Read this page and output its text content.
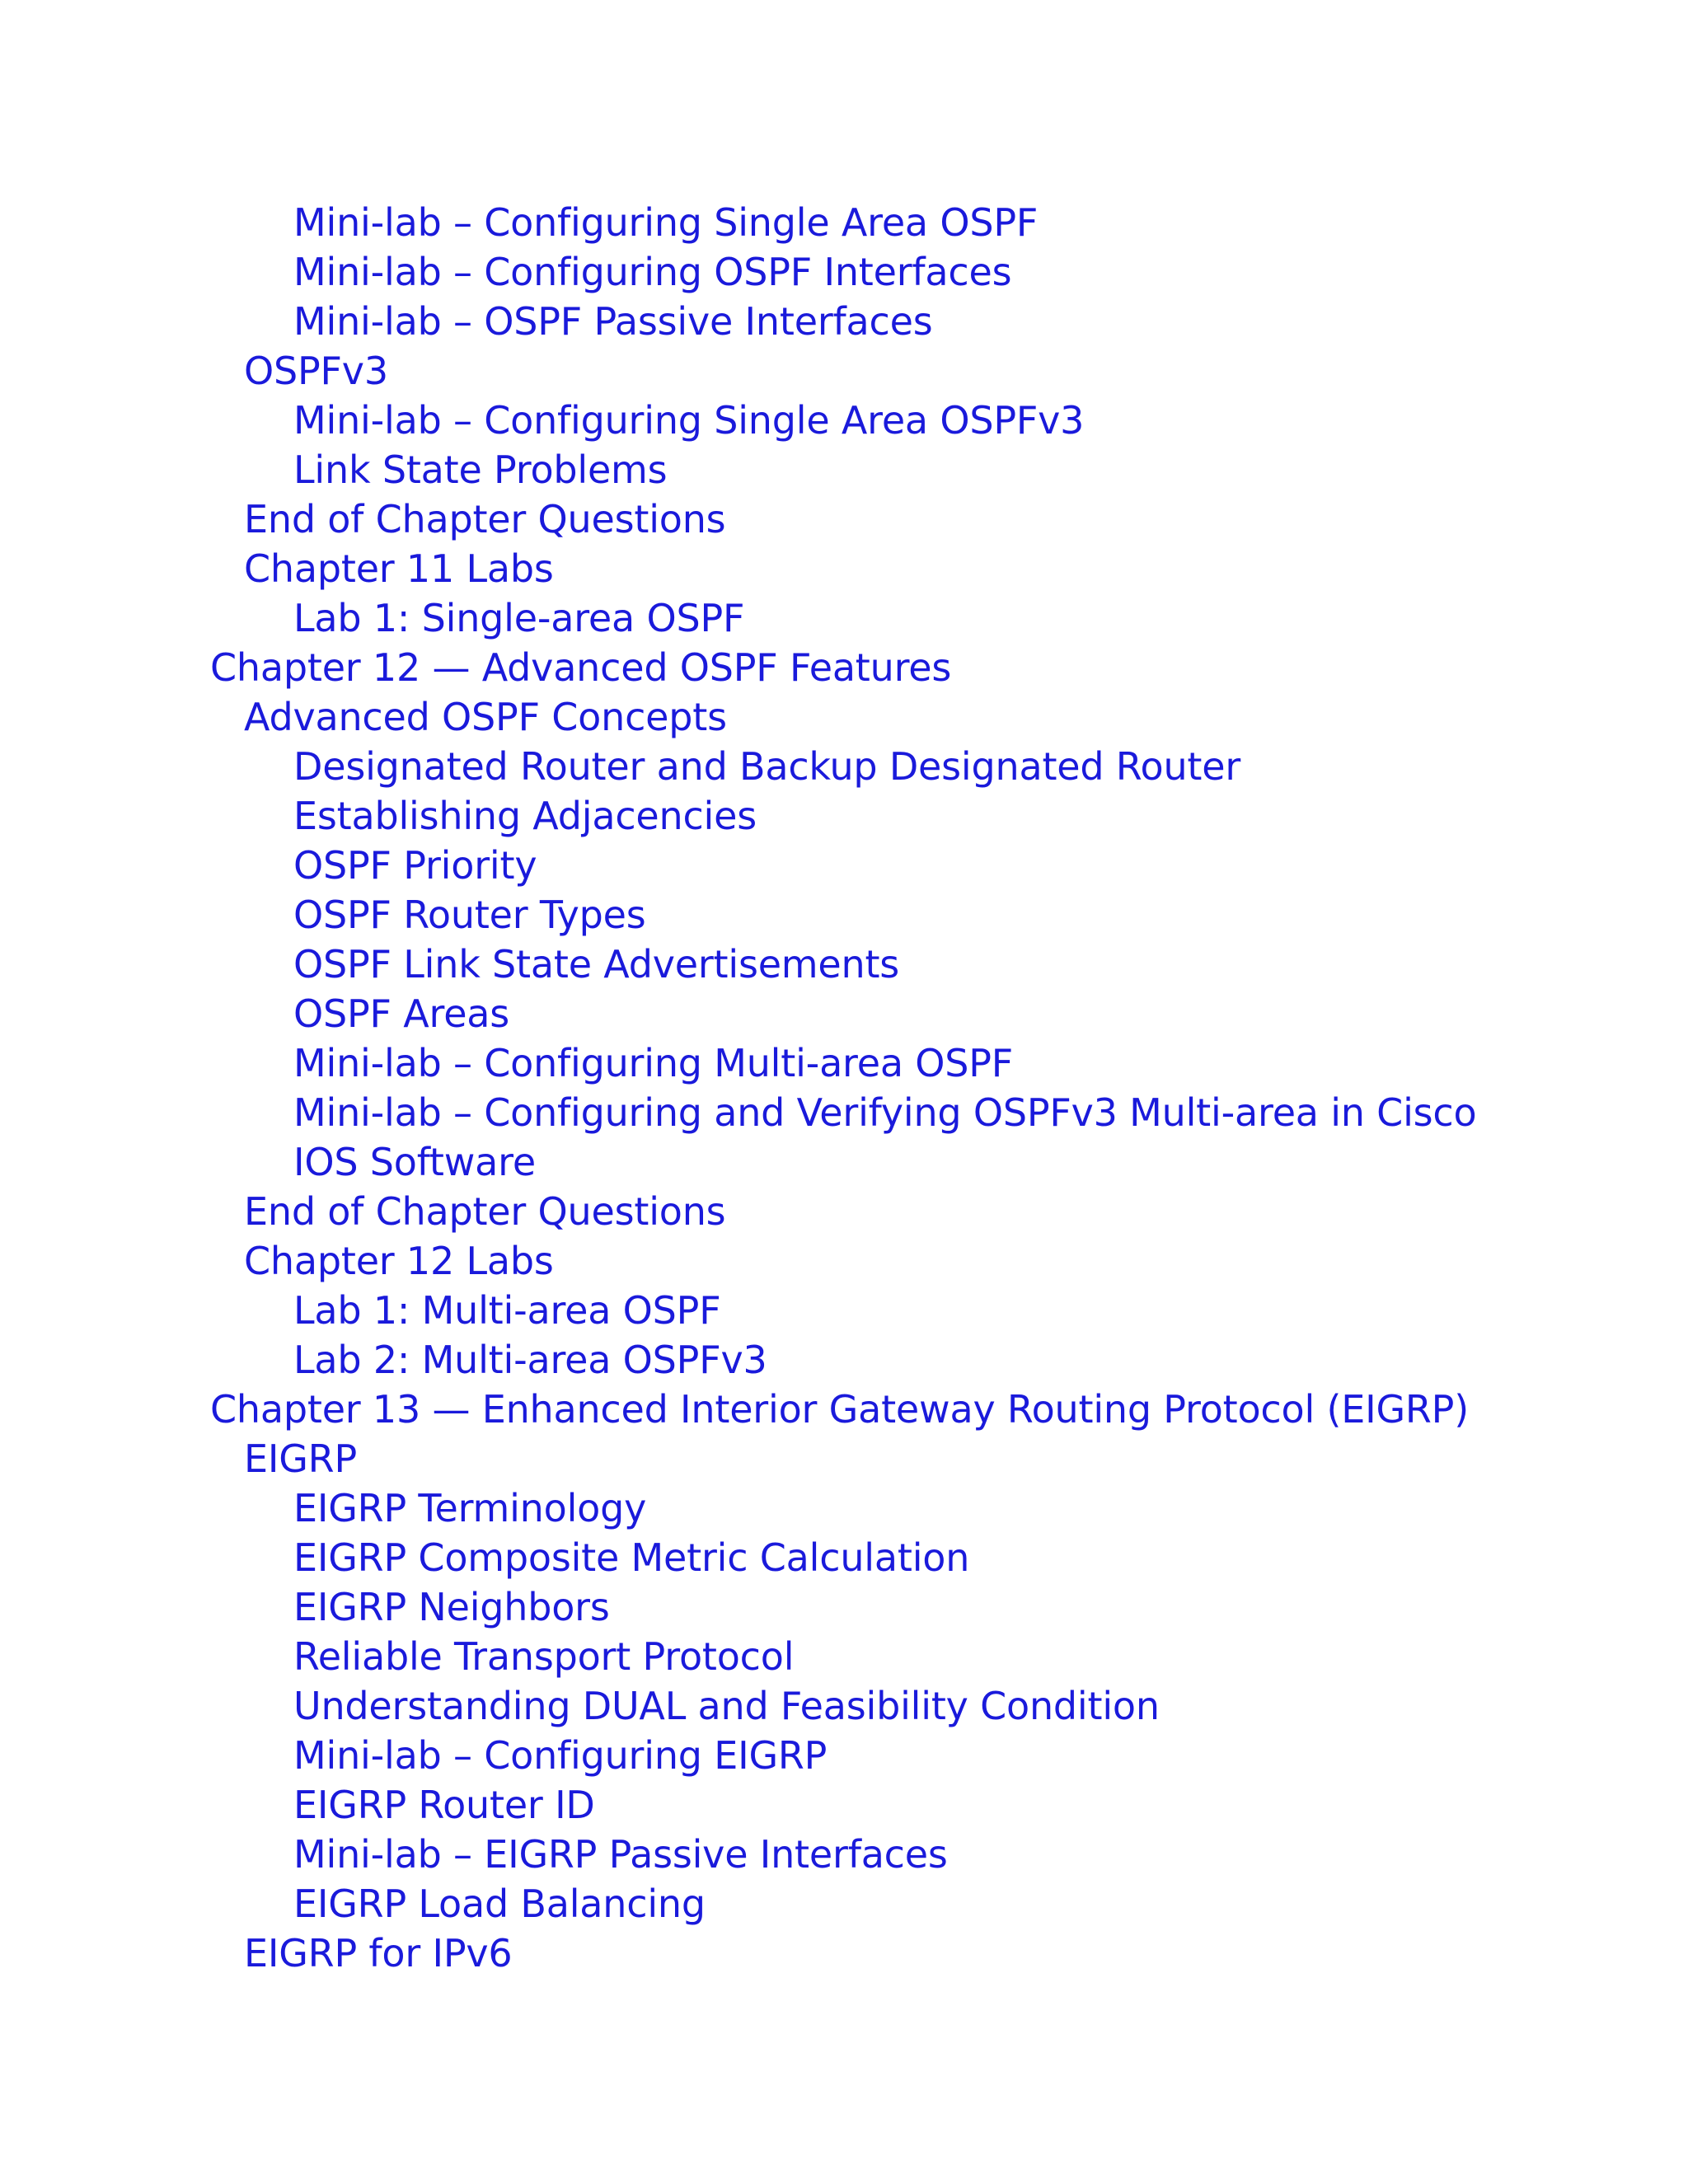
Mini-lab – Configuring Single Area OSPF
Mini-lab – Configuring OSPF Interfaces
Mini-lab – OSPF Passive Interfaces
OSPFv3
Mini-lab – Configuring Single Area OSPFv3
Link State Problems
End of Chapter Questions
Chapter 11 Labs
Lab 1: Single-area OSPF
Chapter 12 — Advanced OSPF Features
Advanced OSPF Concepts
Designated Router and Backup Designated Router
Establishing Adjacencies
OSPF Priority
OSPF Router Types
OSPF Link State Advertisements
OSPF Areas
Mini-lab – Configuring Multi-area OSPF
Mini-lab – Configuring and Verifying OSPFv3 Multi-area in Cisco
IOS Software
End of Chapter Questions
Chapter 12 Labs
Lab 1: Multi-area OSPF
Lab 2: Multi-area OSPFv3
Chapter 13 — Enhanced Interior Gateway Routing Protocol (EIGRP)
EIGRP
EIGRP Terminology
EIGRP Composite Metric Calculation
EIGRP Neighbors
Reliable Transport Protocol
Understanding DUAL and Feasibility Condition
Mini-lab – Configuring EIGRP
EIGRP Router ID
Mini-lab – EIGRP Passive Interfaces
EIGRP Load Balancing
EIGRP for IPv6
